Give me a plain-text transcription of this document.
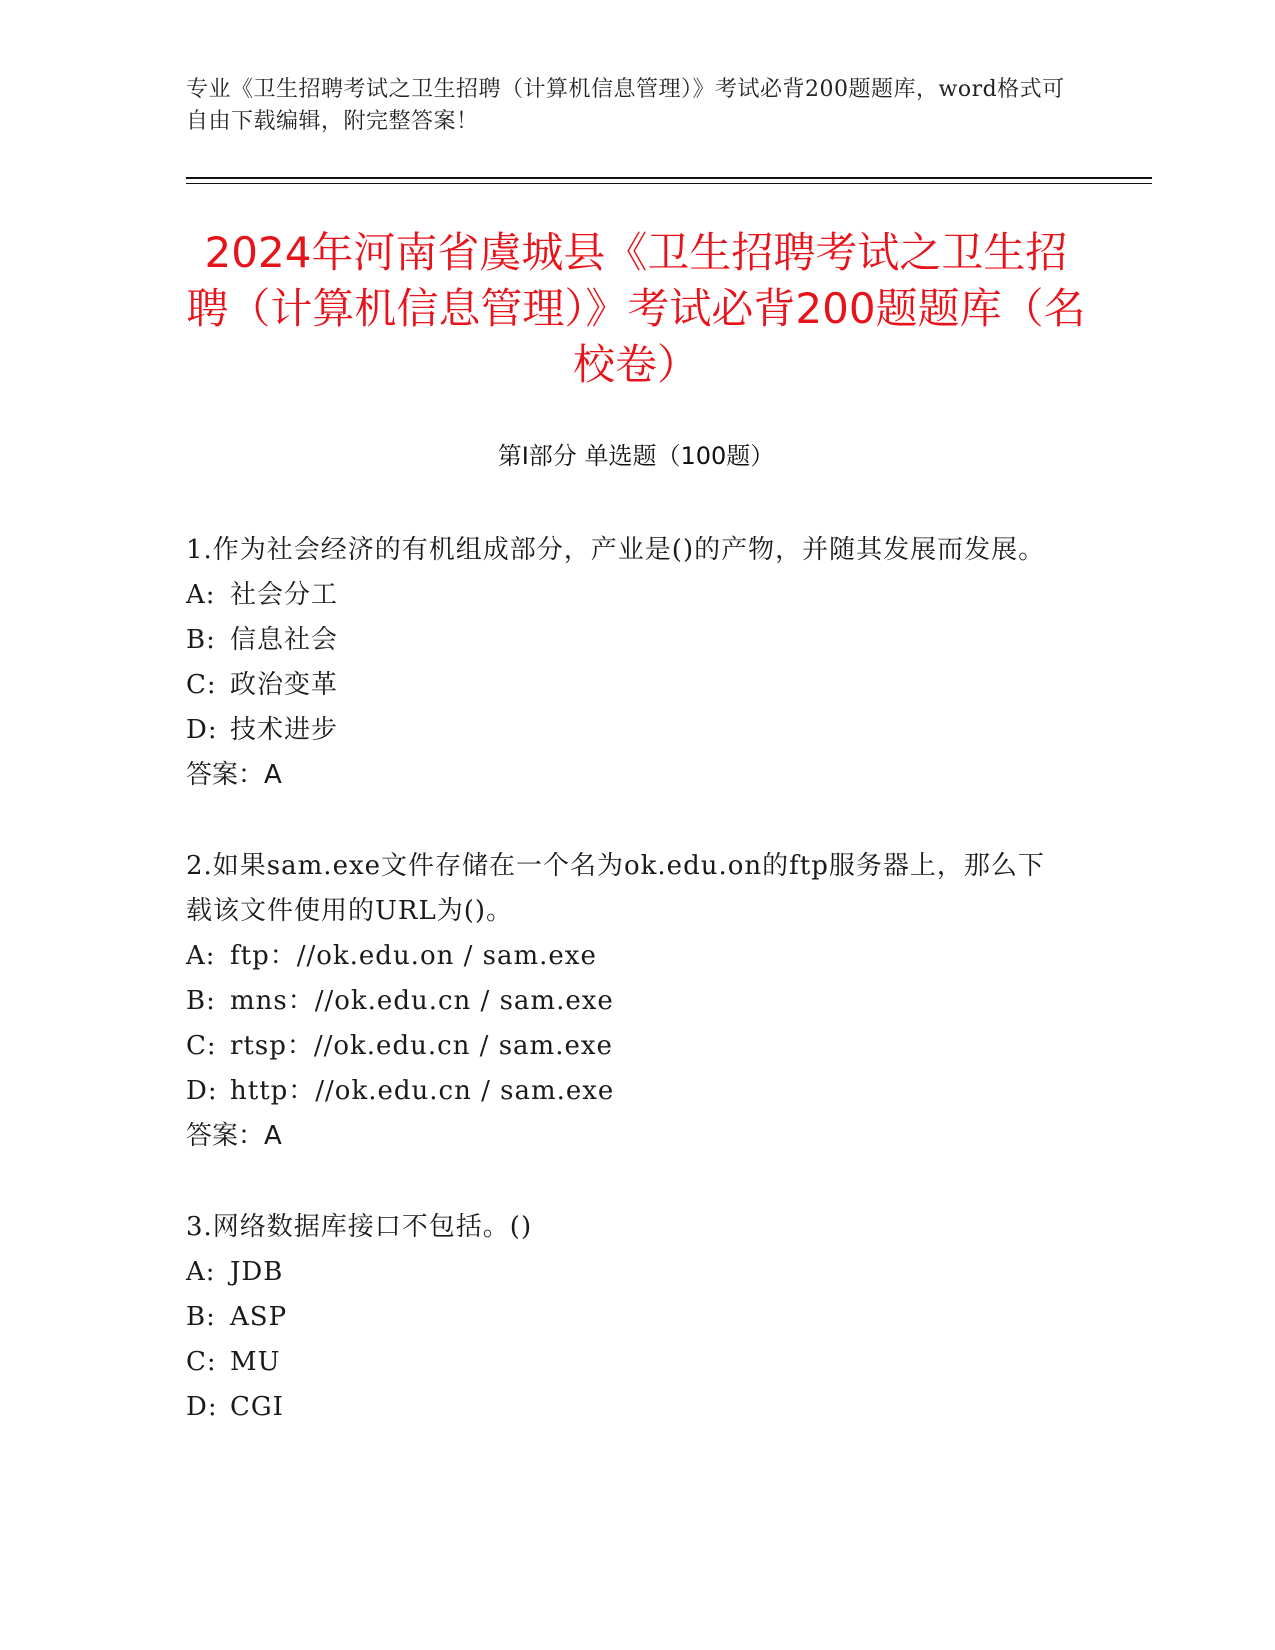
专业《卫生招聘考试之卫生招聘（计算机信息管理）》考试必背200题题库，word格式可自由下载编辑，附完整答案！
2024年河南省虞城县《卫生招聘考试之卫生招聘（计算机信息管理）》考试必背200题题库（名校卷）
第Ⅰ部分 单选题（100题）

1.作为社会经济的有机组成部分，产业是()的产物，并随其发展而发展。

A: 社会分工

B: 信息社会

C: 政治变革

D: 技术进步

答案：A

2.如果sam.exe文件存储在一个名为ok.edu.on的ftp服务器上，那么下载该文件使用的URL为()。

A: ftp：//ok.edu.on / sam.exe

B: mns：//ok.edu.cn / sam.exe

C: rtsp：//ok.edu.cn / sam.exe

D: http：//ok.edu.cn / sam.exe

答案：A

3.网络数据库接口不包括。()

A: JDB

B: ASP

C: MU

D: CGI
